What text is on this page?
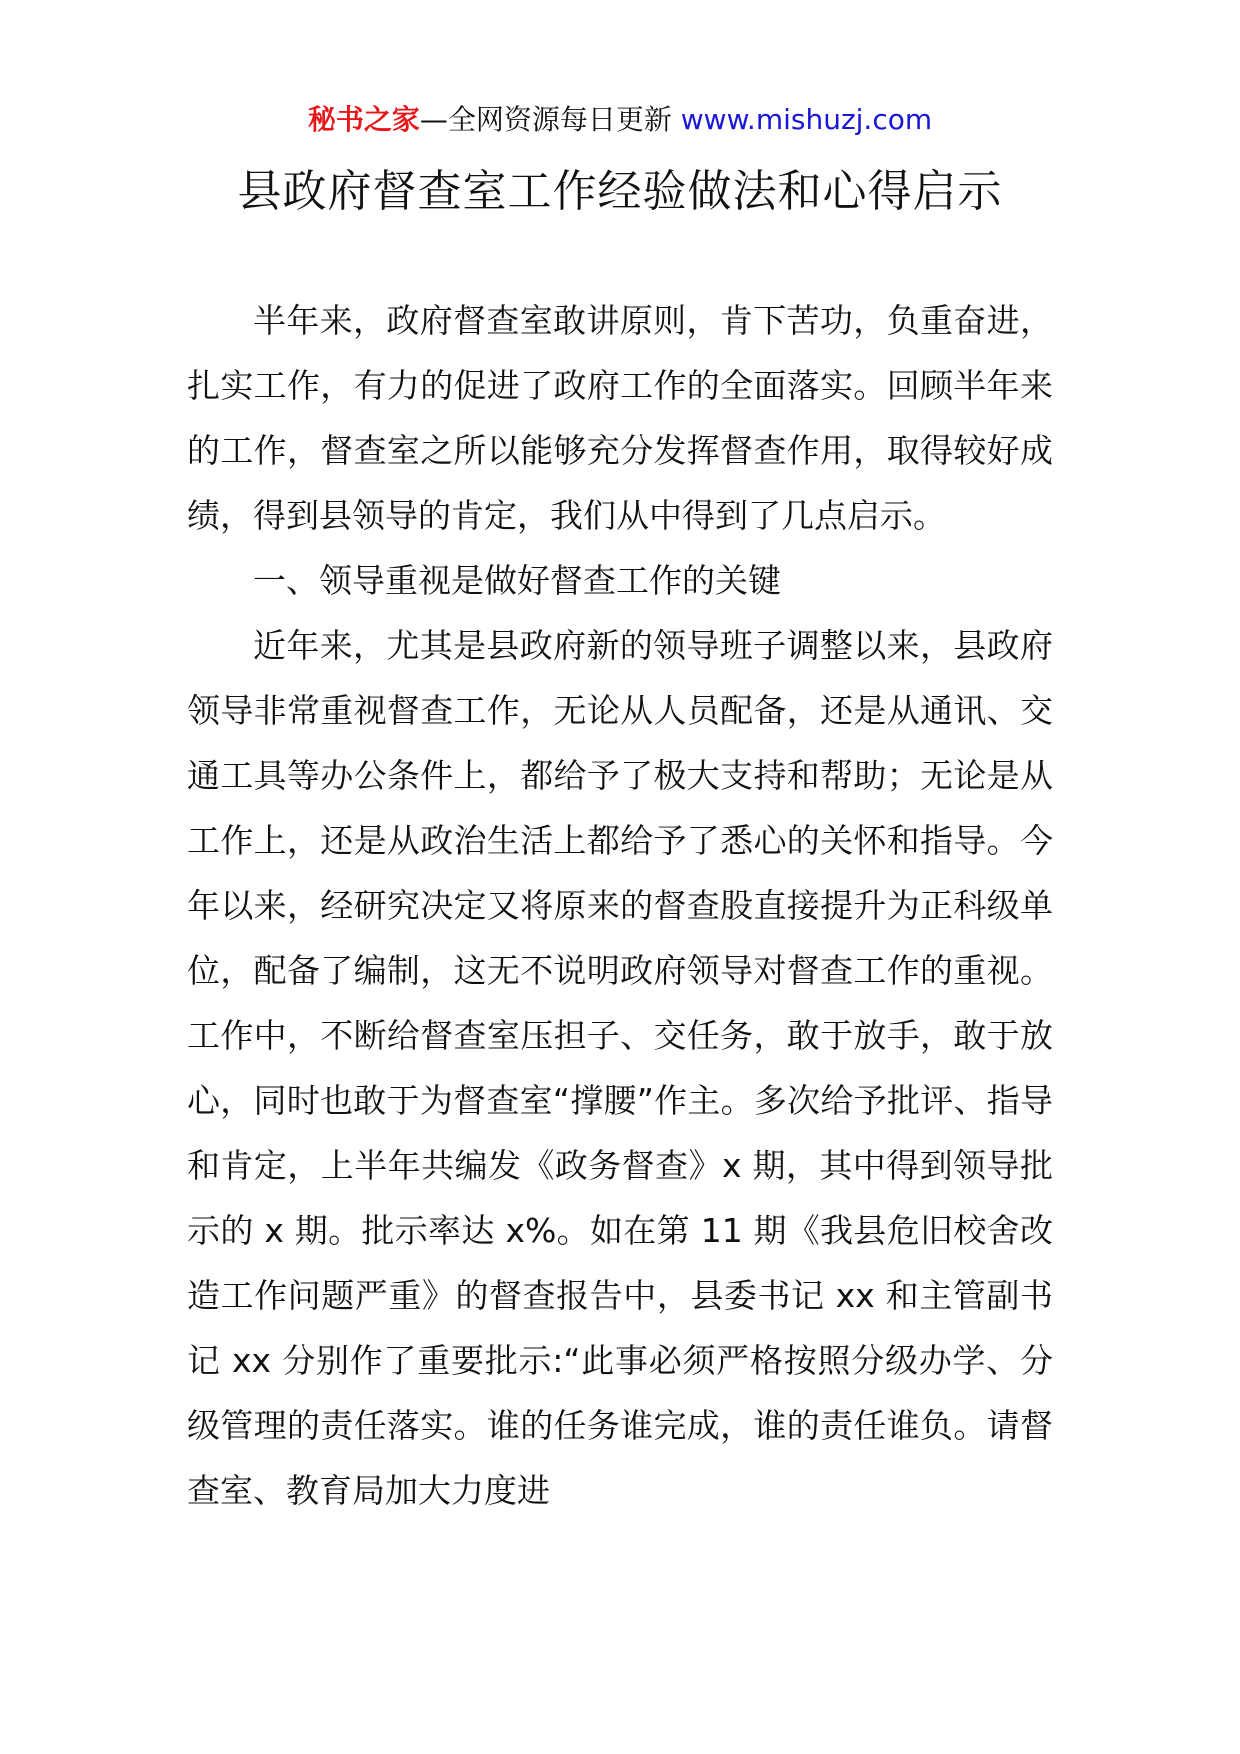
秘书之家—全网资源每日更新 www.mishuzj.com
县政府督查室工作经验做法和心得启示

半年来，政府督查室敢讲原则，肯下苦功，负重奋进，扎实工作，有力的促进了政府工作的全面落实。回顾半年来的工作，督查室之所以能够充分发挥督查作用，取得较好成绩，得到县领导的肯定，我们从中得到了几点启示。

一、领导重视是做好督查工作的关键

近年来，尤其是县政府新的领导班子调整以来，县政府领导非常重视督查工作，无论从人员配备，还是从通讯、交通工具等办公条件上，都给予了极大支持和帮助；无论是从工作上，还是从政治生活上都给予了悉心的关怀和指导。今年以来，经研究决定又将原来的督查股直接提升为正科级单位，配备了编制，这无不说明政府领导对督查工作的重视。工作中，不断给督查室压担子、交任务，敢于放手，敢于放心，同时也敢于为督查室“撑腰”作主。多次给予批评、指导和肯定，上半年共编发《政务督查》x 期，其中得到领导批示的 x 期。批示率达 x%。如在第 11 期《我县危旧校舍改造工作问题严重》的督查报告中，县委书记 xx 和主管副书记 xx 分别作了重要批示:“此事必须严格按照分级办学、分级管理的责任落实。谁的任务谁完成，谁的责任谁负。请督查室、教育局加大力度进
